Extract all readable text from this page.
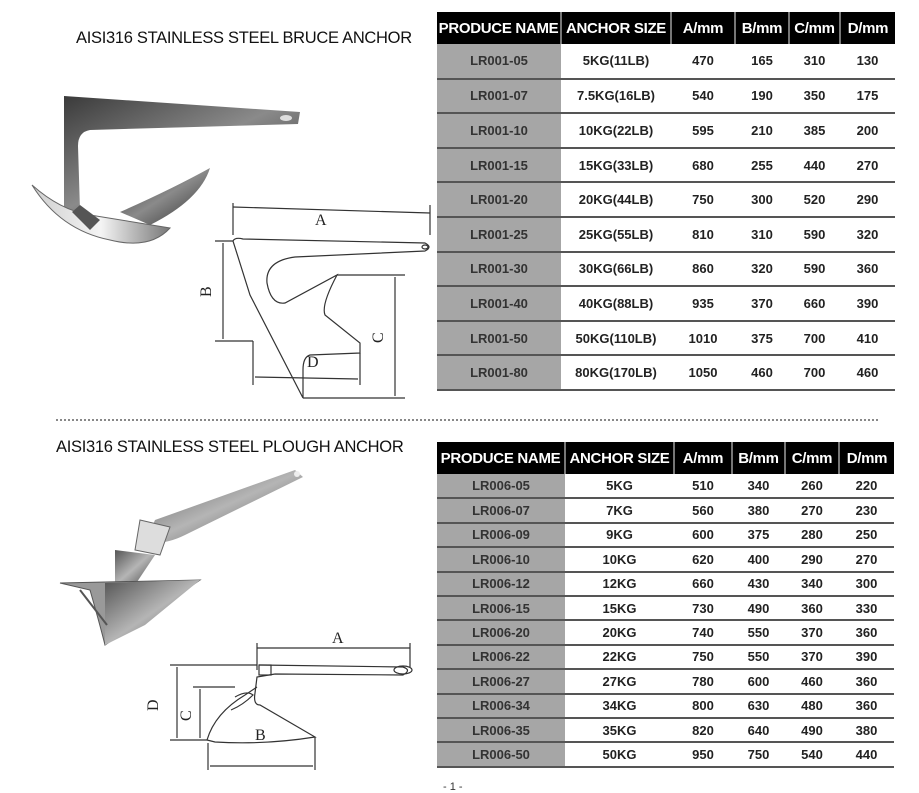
AISI316 STAINLESS STEEL BRUCE ANCHOR
A
B
C
D
PRODUCE NAME	ANCHOR SIZE	A/mm	B/mm	C/mm	D/mm
LR001-05	5KG(11LB)	470	165	310	130
LR001-07	7.5KG(16LB)	540	190	350	175
LR001-10	10KG(22LB)	595	210	385	200
LR001-15	15KG(33LB)	680	255	440	270
LR001-20	20KG(44LB)	750	300	520	290
LR001-25	25KG(55LB)	810	310	590	320
LR001-30	30KG(66LB)	860	320	590	360
LR001-40	40KG(88LB)	935	370	660	390
LR001-50	50KG(110LB)	1010	375	700	410
LR001-80	80KG(170LB)	1050	460	700	460
AISI316 STAINLESS STEEL PLOUGH ANCHOR
A
D
C
B
PRODUCE NAME	ANCHOR SIZE	A/mm	B/mm	C/mm	D/mm
LR006-05	5KG	510	340	260	220
LR006-07	7KG	560	380	270	230
LR006-09	9KG	600	375	280	250
LR006-10	10KG	620	400	290	270
LR006-12	12KG	660	430	340	300
LR006-15	15KG	730	490	360	330
LR006-20	20KG	740	550	370	360
LR006-22	22KG	750	550	370	390
LR006-27	27KG	780	600	460	360
LR006-34	34KG	800	630	480	360
LR006-35	35KG	820	640	490	380
LR006-50	50KG	950	750	540	440
- 1 -
